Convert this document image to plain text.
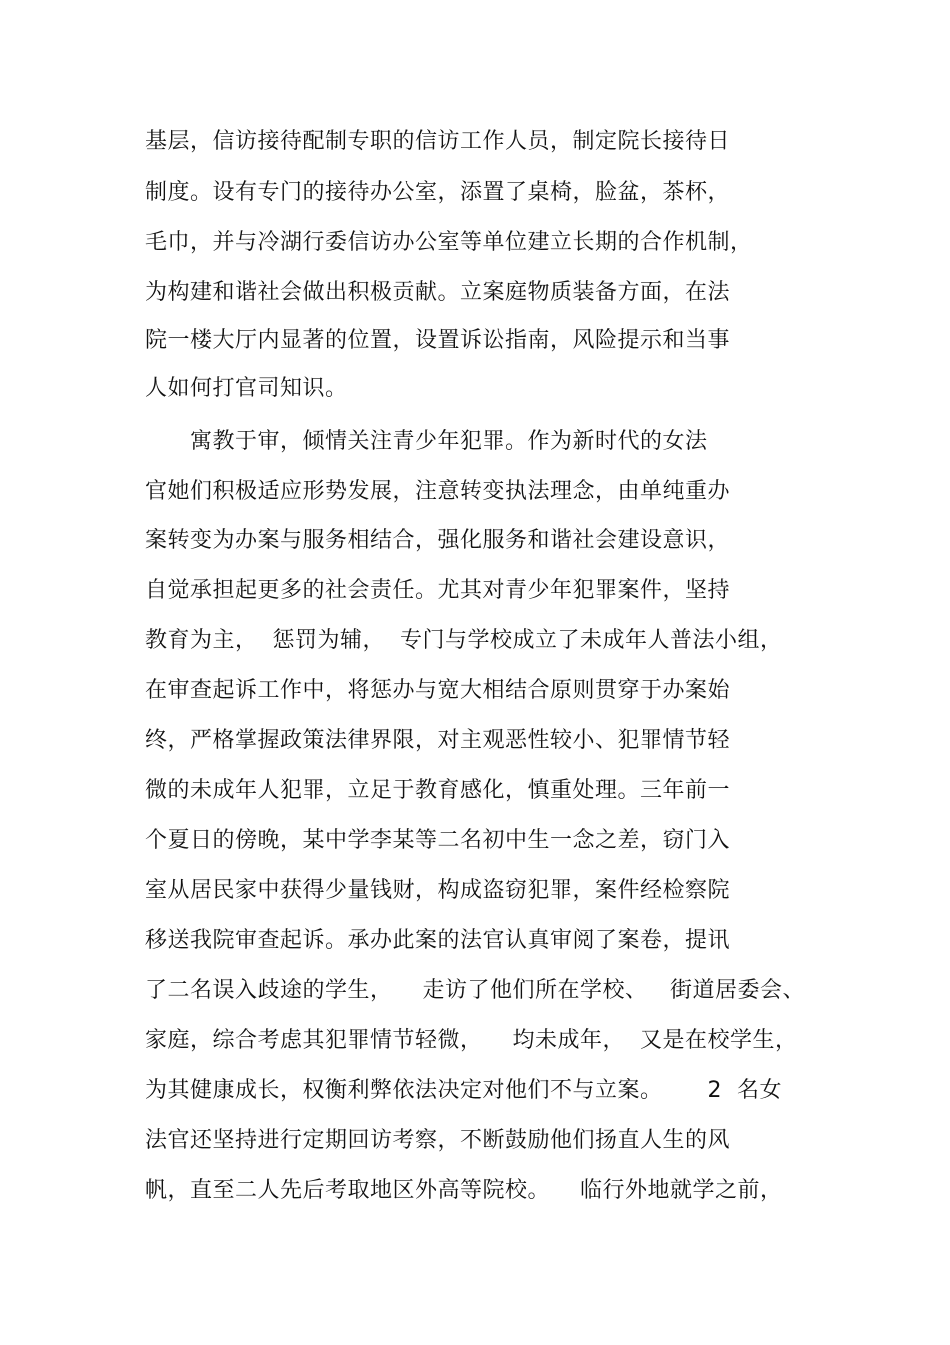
基层，信访接待配制专职的信访工作人员，制定院长接待日
制度。设有专门的接待办公室，添置了桌椅，脸盆，茶杯，
毛巾，并与冷湖行委信访办公室等单位建立长期的合作机制，
为构建和谐社会做出积极贡献。立案庭物质装备方面，在法
院一楼大厅内显著的位置，设置诉讼指南，风险提示和当事
人如何打官司知识。
寓教于审，倾情关注青少年犯罪。作为新时代的女法
官她们积极适应形势发展，注意转变执法理念，由单纯重办
案转变为办案与服务相结合，强化服务和谐社会建设意识，
自觉承担起更多的社会责任。尤其对青少年犯罪案件，坚持
教育为主，  惩罚为辅，  专门与学校成立了未成年人普法小组，
在审查起诉工作中，将惩办与宽大相结合原则贯穿于办案始
终，严格掌握政策法律界限，对主观恶性较小、犯罪情节轻
微的未成年人犯罪，立足于教育感化，慎重处理。三年前一
个夏日的傍晚，某中学李某等二名初中生一念之差，窃门入
室从居民家中获得少量钱财，构成盗窃犯罪，案件经检察院
移送我院审查起诉。承办此案的法官认真审阅了案卷，提讯
了二名误入歧途的学生，    走访了他们所在学校、   街道居委会、
家庭，综合考虑其犯罪情节轻微，    均未成年，  又是在校学生，
为其健康成长，权衡利弊依法决定对他们不与立案。      2  名女
法官还坚持进行定期回访考察，不断鼓励他们扬直人生的风
帆，直至二人先后考取地区外高等院校。    临行外地就学之前，
